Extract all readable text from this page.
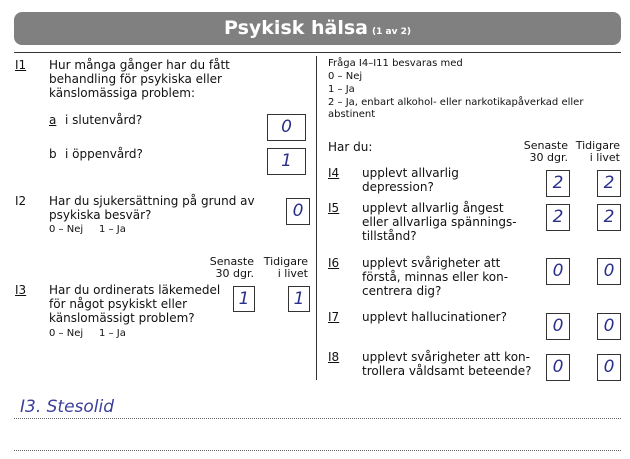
Psykisk hälsa (1 av 2)
I1 Hur många gånger har du fått behandling för psykiska eller känslomässiga problem:
a i slutenvård?	0
b i öppenvård?	1
I2 Har du sjukersättning på grund av psykiska besvär?
0 – Nej     1 – Ja
0
Senaste 30 dgr.
Tidigare i livet
I3 Har du ordinerats läkemedel för något psykiskt eller känslomässigt problem?
0 – Nej     1 – Ja
1	1
Fråga I4–I11 besvaras med
0 – Nej
1 – Ja
2 – Ja, enbart alkohol- eller narkotikapåverkad eller abstinent
Har du:	Senaste 30 dgr.
Tidigare i livet
I4 upplevt allvarlig depression?	2	2
I5 upplevt allvarlig ångest eller allvarliga spännings-tillstånd?
2	2
I6 upplevt svårigheter att förstå, minnas eller kon-centrera dig?
0	0
I7 upplevt hallucinationer?	0	0
I8 upplevt svårigheter att kon-trollera våldsamt beteende?	0	0
I3. Stesolid
